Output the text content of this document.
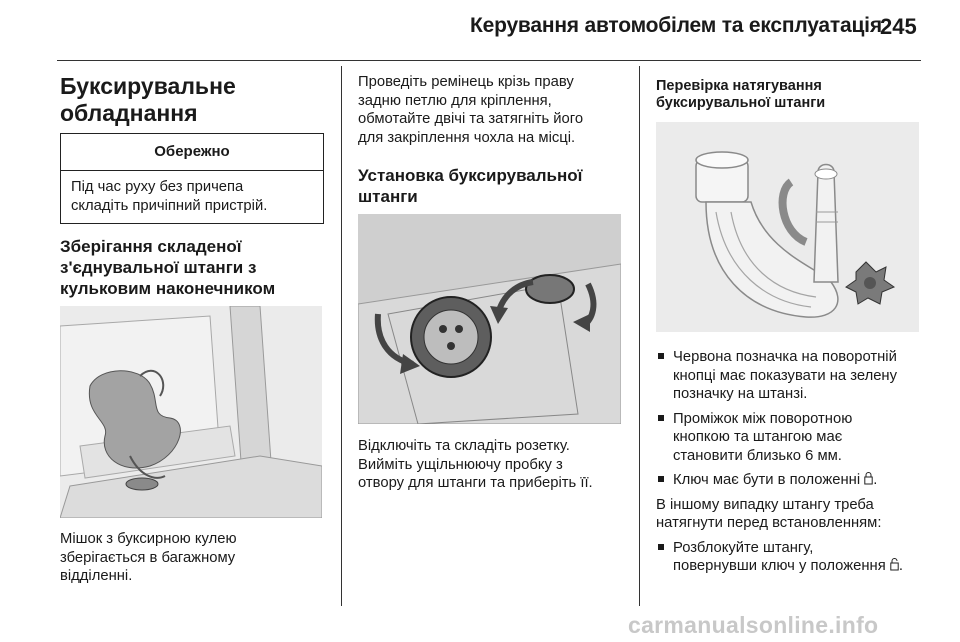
Керування автомобілем та експлуатація
245

Буксирувальне

обладнання

Обережно
Під час руху без причепа
складіть причіпний пристрій.

Зберігання складеної

з'єднувальної штанги з

кульковим наконечником

Мішок з буксирною кулею

зберігається в багажному

відділенні.

Проведіть ремінець крізь праву

задню петлю для кріплення,

обмотайте двічі та затягніть його

для закріплення чохла на місці.

Установка буксирувальної

штанги

Відключіть та складіть розетку.

Вийміть ущільнюючу пробку з

отвору для штанги та приберіть її.

Перевірка натягування

буксирувальної штанги

Червона позначка на поворотній

кнопці має показувати на зелену

позначку на штанзі.

Проміжок між поворотною

кнопкою та штангою має

становити близько 6 мм.

Ключ має бути в положенні .

В іншому випадку штангу треба

натягнути перед встановленням:

Розблокуйте штангу,

повернувши ключ у положення .

carmanualsonline.info
